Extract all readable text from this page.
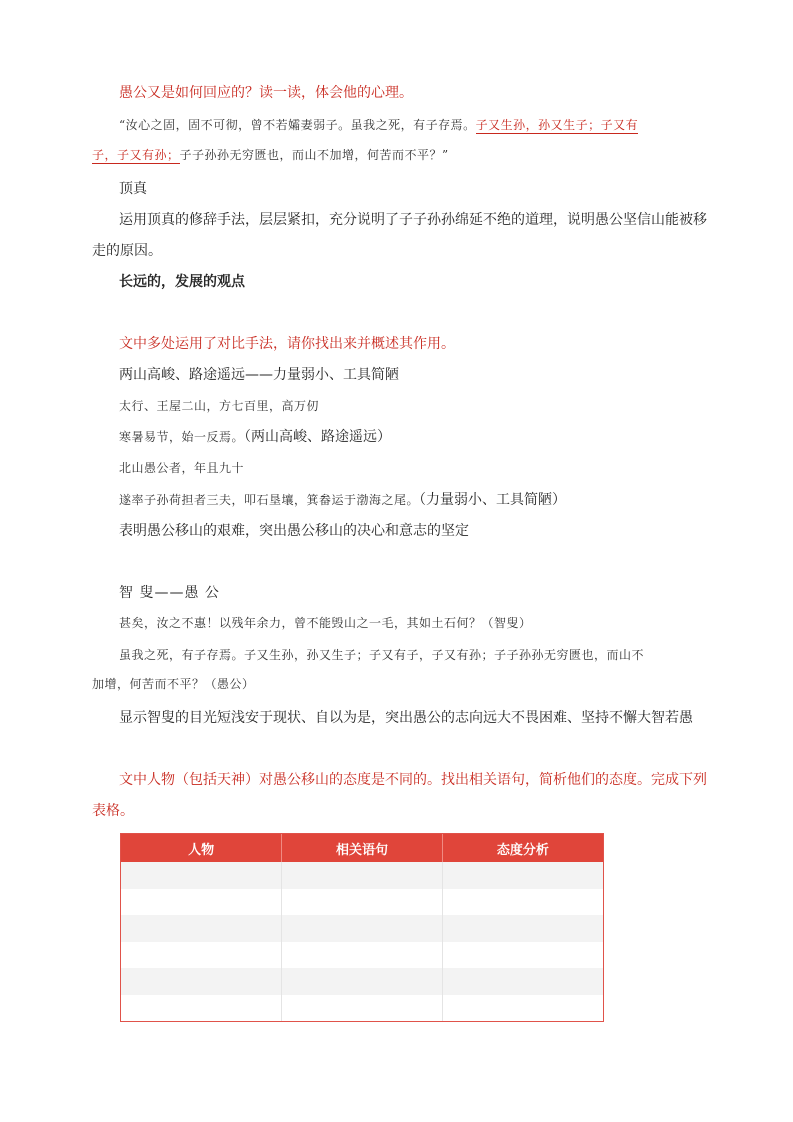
愚公又是如何回应的？读一读，体会他的心理。
“汝心之固，固不可彻，曾不若孀妻弱子。虽我之死，有子存焉。子又生孙，孙又生子；子又有
子，子又有孙；子子孙孙无穷匮也，而山不加增，何苦而不平？”
顶真
运用顶真的修辞手法，层层紧扣，充分说明了子子孙孙绵延不绝的道理，说明愚公坚信山能被移
走的原因。
长远的，发展的观点
文中多处运用了对比手法，请你找出来并概述其作用。
两山高峻、路途遥远——力量弱小、工具简陋
太行、王屋二山，方七百里，高万仞
寒暑易节，始一反焉。（两山高峻、路途遥远）
北山愚公者，年且九十
遂率子孙荷担者三夫，叩石垦壤，箕畚运于渤海之尾。（力量弱小、工具简陋）
表明愚公移山的艰难，突出愚公移山的决心和意志的坚定
智 叟——愚 公
甚矣，汝之不惠！以残年余力，曾不能毁山之一毛，其如土石何？（智叟）
虽我之死，有子存焉。子又生孙，孙又生子；子又有子，子又有孙；子子孙孙无穷匮也，而山不
加增，何苦而不平？（愚公）
显示智叟的目光短浅安于现状、自以为是，突出愚公的志向远大不畏困难、坚持不懈大智若愚
文中人物（包括天神）对愚公移山的态度是不同的。找出相关语句，简析他们的态度。完成下列
表格。
人物	相关语句	态度分析
